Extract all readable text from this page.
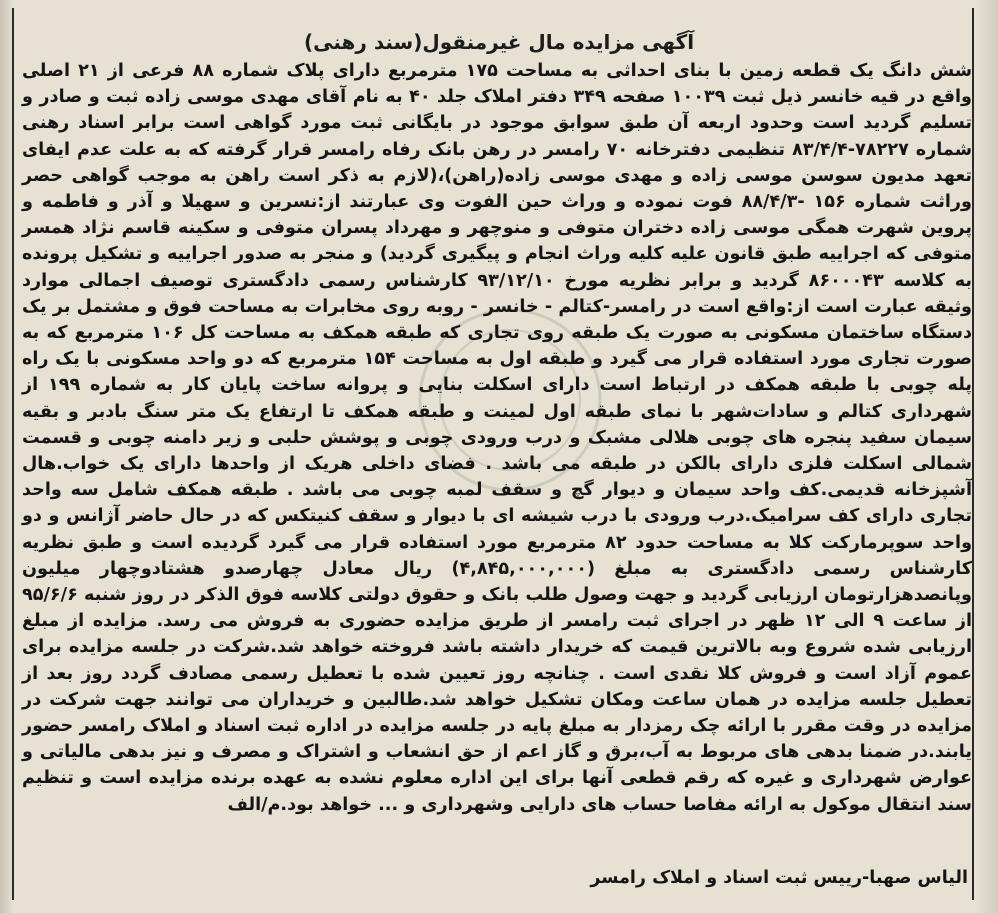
آگهی مزایده مال غیرمنقول(سند رهنی)
شش دانگ یک قطعه زمین با بنای احداثی به مساحت ۱۷۵ مترمربع دارای پلاک شماره ۸۸ فرعی از ۲۱ اصلی واقع در قیه خانسر ذیل ثبت ۱۰۰۳۹ صفحه ۳۴۹ دفتر املاک جلد ۴۰ به نام آقای مهدی موسی زاده ثبت و صادر و تسلیم گردید است وحدود اربعه آن طبق سوابق موجود در بایگانی ثبت مورد گواهی است برابر اسناد رهنی شماره ۷۸۲۲۷-۸۳/۴/۴ تنظیمی دفترخانه ۷۰ رامسر در رهن بانک رفاه رامسر قرار گرفته که به علت عدم ایفای تعهد مدیون سوسن موسی زاده و مهدی موسی زاده(راهن)،(لازم به ذکر است راهن به موجب گواهی حصر وراثت شماره ۱۵۶ -۸۸/۴/۳ فوت نموده و وراث حین الفوت وی عبارتند از:نسرین و سهیلا و آذر و فاطمه و پروین شهرت همگی موسی زاده دختران متوفی و منوچهر و مهرداد پسران متوفی و سکینه قاسم نژاد همسر متوفی که اجراییه طبق قانون علیه کلیه وراث انجام و پیگیری گردید) و منجر به صدور اجراییه و تشکیل پرونده به کلاسه ۸۶۰۰۰۴۳ گردید و برابر نظریه مورخ ۹۳/۱۲/۱۰ کارشناس رسمی دادگستری توصیف اجمالی موارد وثیقه عبارت است از:واقع است در رامسر-کتالم - خانسر - روبه روی مخابرات به مساحت فوق و مشتمل بر یک دستگاه ساختمان مسکونی به صورت یک طبقه روی تجاری که طبقه همکف به مساحت کل ۱۰۶ مترمربع که به صورت تجاری مورد استفاده قرار می گیرد و طبقه اول به مساحت ۱۵۴ مترمربع که دو واحد مسکونی با یک راه پله چوبی با طبقه همکف در ارتباط است دارای اسکلت بنایی و پروانه ساخت پایان کار به شماره ۱۹۹ از شهرداری کتالم و سادات‌شهر با نمای طبقه اول لمینت و طبقه همکف تا ارتفاع یک متر سنگ بادبر و بقیه سیمان سفید پنجره های چوبی هلالی مشبک و درب ورودی چوبی و پوشش حلبی و زیر دامنه چوبی و قسمت شمالی اسکلت فلزی دارای بالکن در طبقه می باشد . فضای داخلی هریک از واحدها دارای یک خواب.هال آشپزخانه قدیمی.کف واحد سیمان و دیوار گچ و سقف لمبه چوبی می باشد . طبقه همکف شامل سه واحد تجاری دارای کف سرامیک.درب ورودی با درب شیشه ای با دیوار و سقف کنیتکس که در حال حاضر آژانس و دو واحد سوپرمارکت کلا به مساحت حدود ۸۲ مترمربع مورد استفاده قرار می گیرد گردیده است و طبق نظریه کارشناس رسمی دادگستری به مبلغ (۴,۸۴۵,۰۰۰,۰۰۰) ریال معادل چهارصدو هشتادوچهار میلیون وپانصدهزارتومان ارزیابی گردید و جهت وصول طلب بانک و حقوق دولتی کلاسه فوق الذکر در روز شنبه ۹۵/۶/۶ از ساعت ۹ الی ۱۲ ظهر در اجرای ثبت رامسر از طریق مزایده حضوری به فروش می رسد. مزایده از مبلغ ارزیابی شده شروع وبه بالاترین قیمت که خریدار داشته باشد فروخته خواهد شد.شرکت در جلسه مزایده برای عموم آزاد است و فروش کلا نقدی است . چنانچه روز تعیین شده با تعطیل رسمی مصادف گردد روز بعد از تعطیل جلسه مزایده در همان ساعت ومکان تشکیل خواهد شد.طالبین و خریداران می توانند جهت شرکت در مزایده در وقت مقرر با ارائه چک رمزدار به مبلغ پایه در جلسه مزایده در اداره ثبت اسناد و املاک رامسر حضور یابند.در ضمنا بدهی های مربوط به آب،برق و گاز اعم از حق انشعاب و اشتراک و مصرف و نیز بدهی مالیاتی و عوارض شهرداری و غیره که رقم قطعی آنها برای این اداره معلوم نشده به عهده برنده مزایده است و تنظیم سند انتقال موکول به ارائه مفاصا حساب های دارایی وشهرداری و ... خواهد بود.م/الف
الیاس صهبا-رییس ثبت اسناد و املاک رامسر
